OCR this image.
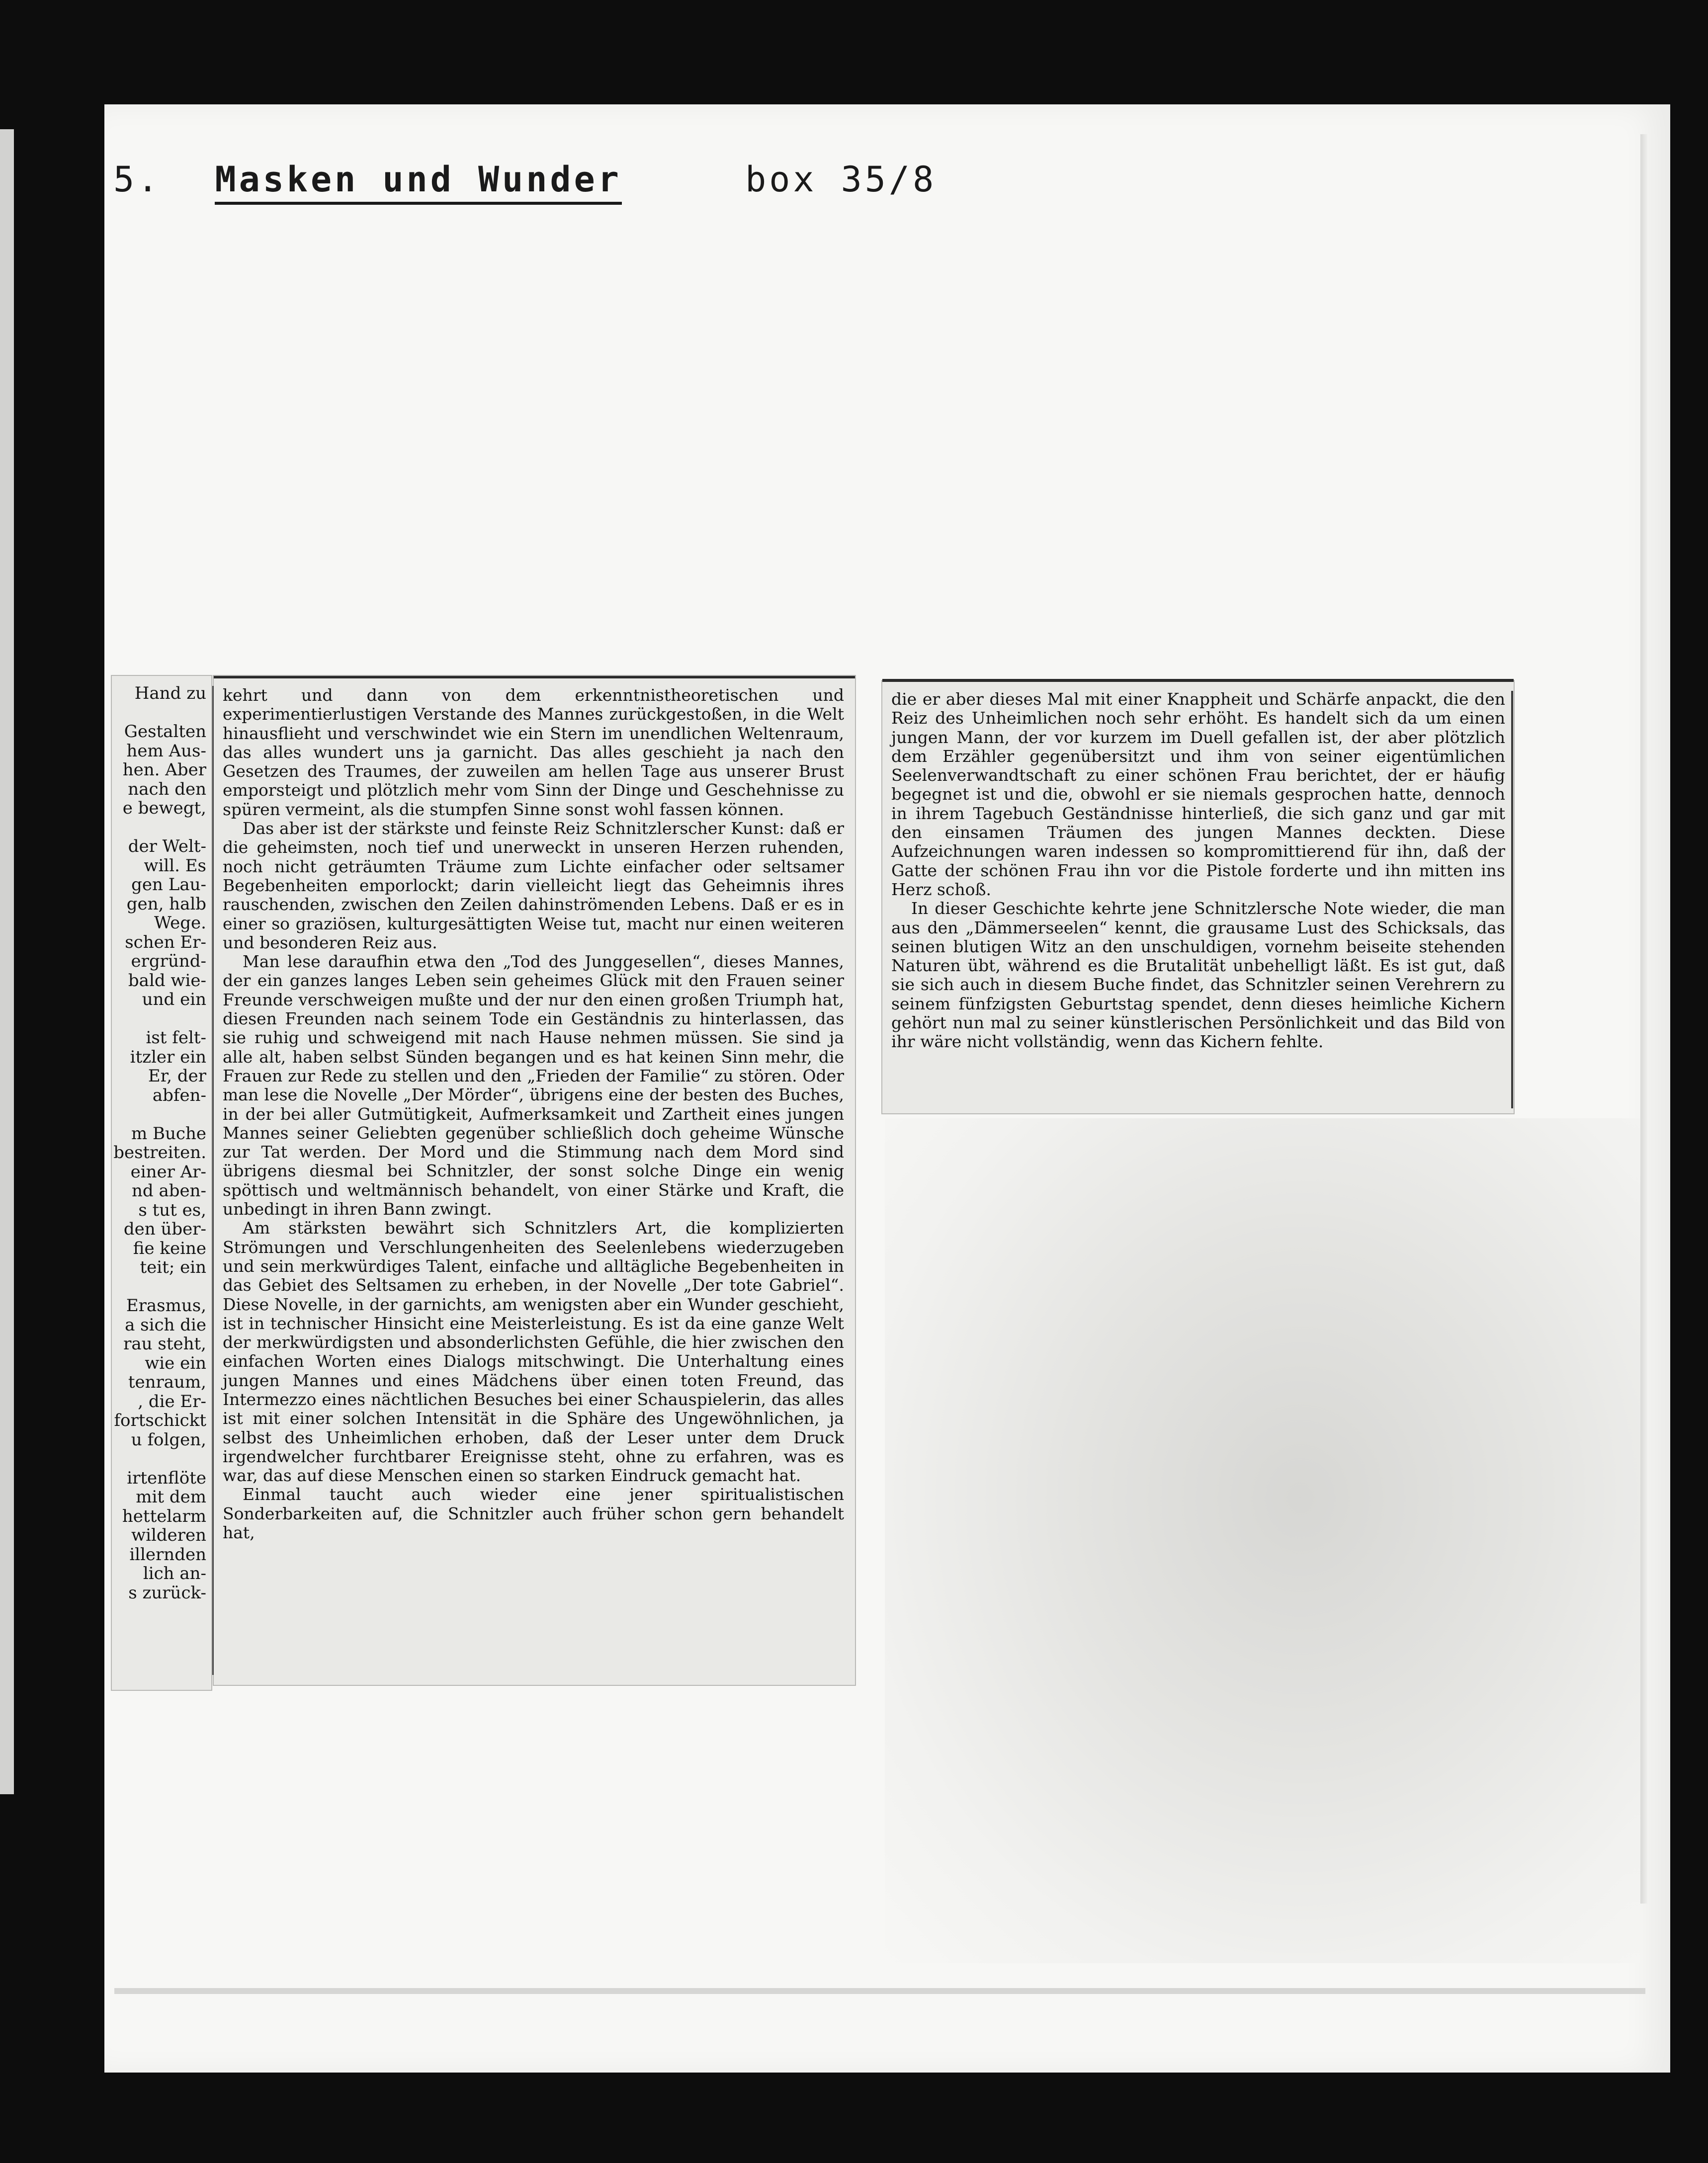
5. Masken und Wunder	box 35/8
Hand zu
Gestalten
hem Aus-
hen. Aber
nach den
e bewegt,
der Welt-
will. Es
gen Lau-
gen, halb
Wege.
schen Er-
ergründ-
bald wie-
und ein
ist felt-
itzler ein
Er, der
abfen-
m Buche
bestreiten.
einer Ar-
nd aben-
s tut es,
den über-
fie keine
teit; ein
Erasmus,
a sich die
rau steht,
wie ein
tenraum,
, die Er-
fortschickt
u folgen,
irtenflöte
mit dem
hettelarm
wilderen
illernden
lich an-
s zurück-

kehrt und dann von dem erkenntnistheoretischen und experimentierlustigen Verstande des Mannes zurückgestoßen, in die Welt hinausflieht und verschwindet wie ein Stern im unendlichen Weltenraum, das alles wundert uns ja garnicht. Das alles geschieht ja nach den Gesetzen des Traumes, der zuweilen am hellen Tage aus unserer Brust emporsteigt und plötzlich mehr vom Sinn der Dinge und Geschehnisse zu spüren vermeint, als die stumpfen Sinne sonst wohl fassen können.

Das aber ist der stärkste und feinste Reiz Schnitzlerscher Kunst: daß er die geheimsten, noch tief und unerweckt in unseren Herzen ruhenden, noch nicht geträumten Träume zum Lichte einfacher oder seltsamer Begebenheiten emporlockt; darin vielleicht liegt das Geheimnis ihres rauschenden, zwischen den Zeilen dahinströmenden Lebens. Daß er es in einer so graziösen, kulturgesättigten Weise tut, macht nur einen weiteren und besonderen Reiz aus.

Man lese daraufhin etwa den „Tod des Junggesellen“, dieses Mannes, der ein ganzes langes Leben sein geheimes Glück mit den Frauen seiner Freunde verschweigen mußte und der nur den einen großen Triumph hat, diesen Freunden nach seinem Tode ein Geständnis zu hinterlassen, das sie ruhig und schweigend mit nach Hause nehmen müssen. Sie sind ja alle alt, haben selbst Sünden begangen und es hat keinen Sinn mehr, die Frauen zur Rede zu stellen und den „Frieden der Familie“ zu stören. Oder man lese die Novelle „Der Mörder“, übrigens eine der besten des Buches, in der bei aller Gutmütigkeit, Aufmerksamkeit und Zartheit eines jungen Mannes seiner Geliebten gegenüber schließlich doch geheime Wünsche zur Tat werden. Der Mord und die Stimmung nach dem Mord sind übrigens diesmal bei Schnitzler, der sonst solche Dinge ein wenig spöttisch und weltmännisch behandelt, von einer Stärke und Kraft, die unbedingt in ihren Bann zwingt.

Am stärksten bewährt sich Schnitzlers Art, die komplizierten Strömungen und Verschlungenheiten des Seelenlebens wiederzugeben und sein merkwürdiges Talent, einfache und alltägliche Begebenheiten in das Gebiet des Seltsamen zu erheben, in der Novelle „Der tote Gabriel“. Diese Novelle, in der garnichts, am wenigsten aber ein Wunder geschieht, ist in technischer Hinsicht eine Meisterleistung. Es ist da eine ganze Welt der merkwürdigsten und absonderlichsten Gefühle, die hier zwischen den einfachen Worten eines Dialogs mitschwingt. Die Unterhaltung eines jungen Mannes und eines Mädchens über einen toten Freund, das Intermezzo eines nächtlichen Besuches bei einer Schauspielerin, das alles ist mit einer solchen Intensität in die Sphäre des Ungewöhnlichen, ja selbst des Unheimlichen erhoben, daß der Leser unter dem Druck irgendwelcher furchtbarer Ereignisse steht, ohne zu erfahren, was es war, das auf diese Menschen einen so starken Eindruck gemacht hat.

Einmal taucht auch wieder eine jener spiritualistischen Sonderbarkeiten auf, die Schnitzler auch früher schon gern behandelt hat,

die er aber dieses Mal mit einer Knappheit und Schärfe anpackt, die den Reiz des Unheimlichen noch sehr erhöht. Es handelt sich da um einen jungen Mann, der vor kurzem im Duell gefallen ist, der aber plötzlich dem Erzähler gegenübersitzt und ihm von seiner eigentümlichen Seelenverwandtschaft zu einer schönen Frau berichtet, der er häufig begegnet ist und die, obwohl er sie niemals gesprochen hatte, dennoch in ihrem Tagebuch Geständnisse hinterließ, die sich ganz und gar mit den einsamen Träumen des jungen Mannes deckten. Diese Aufzeichnungen waren indessen so kompromittierend für ihn, daß der Gatte der schönen Frau ihn vor die Pistole forderte und ihn mitten ins Herz schoß.

In dieser Geschichte kehrte jene Schnitzlersche Note wieder, die man aus den „Dämmerseelen“ kennt, die grausame Lust des Schicksals, das seinen blutigen Witz an den unschuldigen, vornehm beiseite stehenden Naturen übt, während es die Brutalität unbehelligt läßt. Es ist gut, daß sie sich auch in diesem Buche findet, das Schnitzler seinen Verehrern zu seinem fünfzigsten Geburtstag spendet, denn dieses heimliche Kichern gehört nun mal zu seiner künstlerischen Persönlichkeit und das Bild von ihr wäre nicht vollständig, wenn das Kichern fehlte.
